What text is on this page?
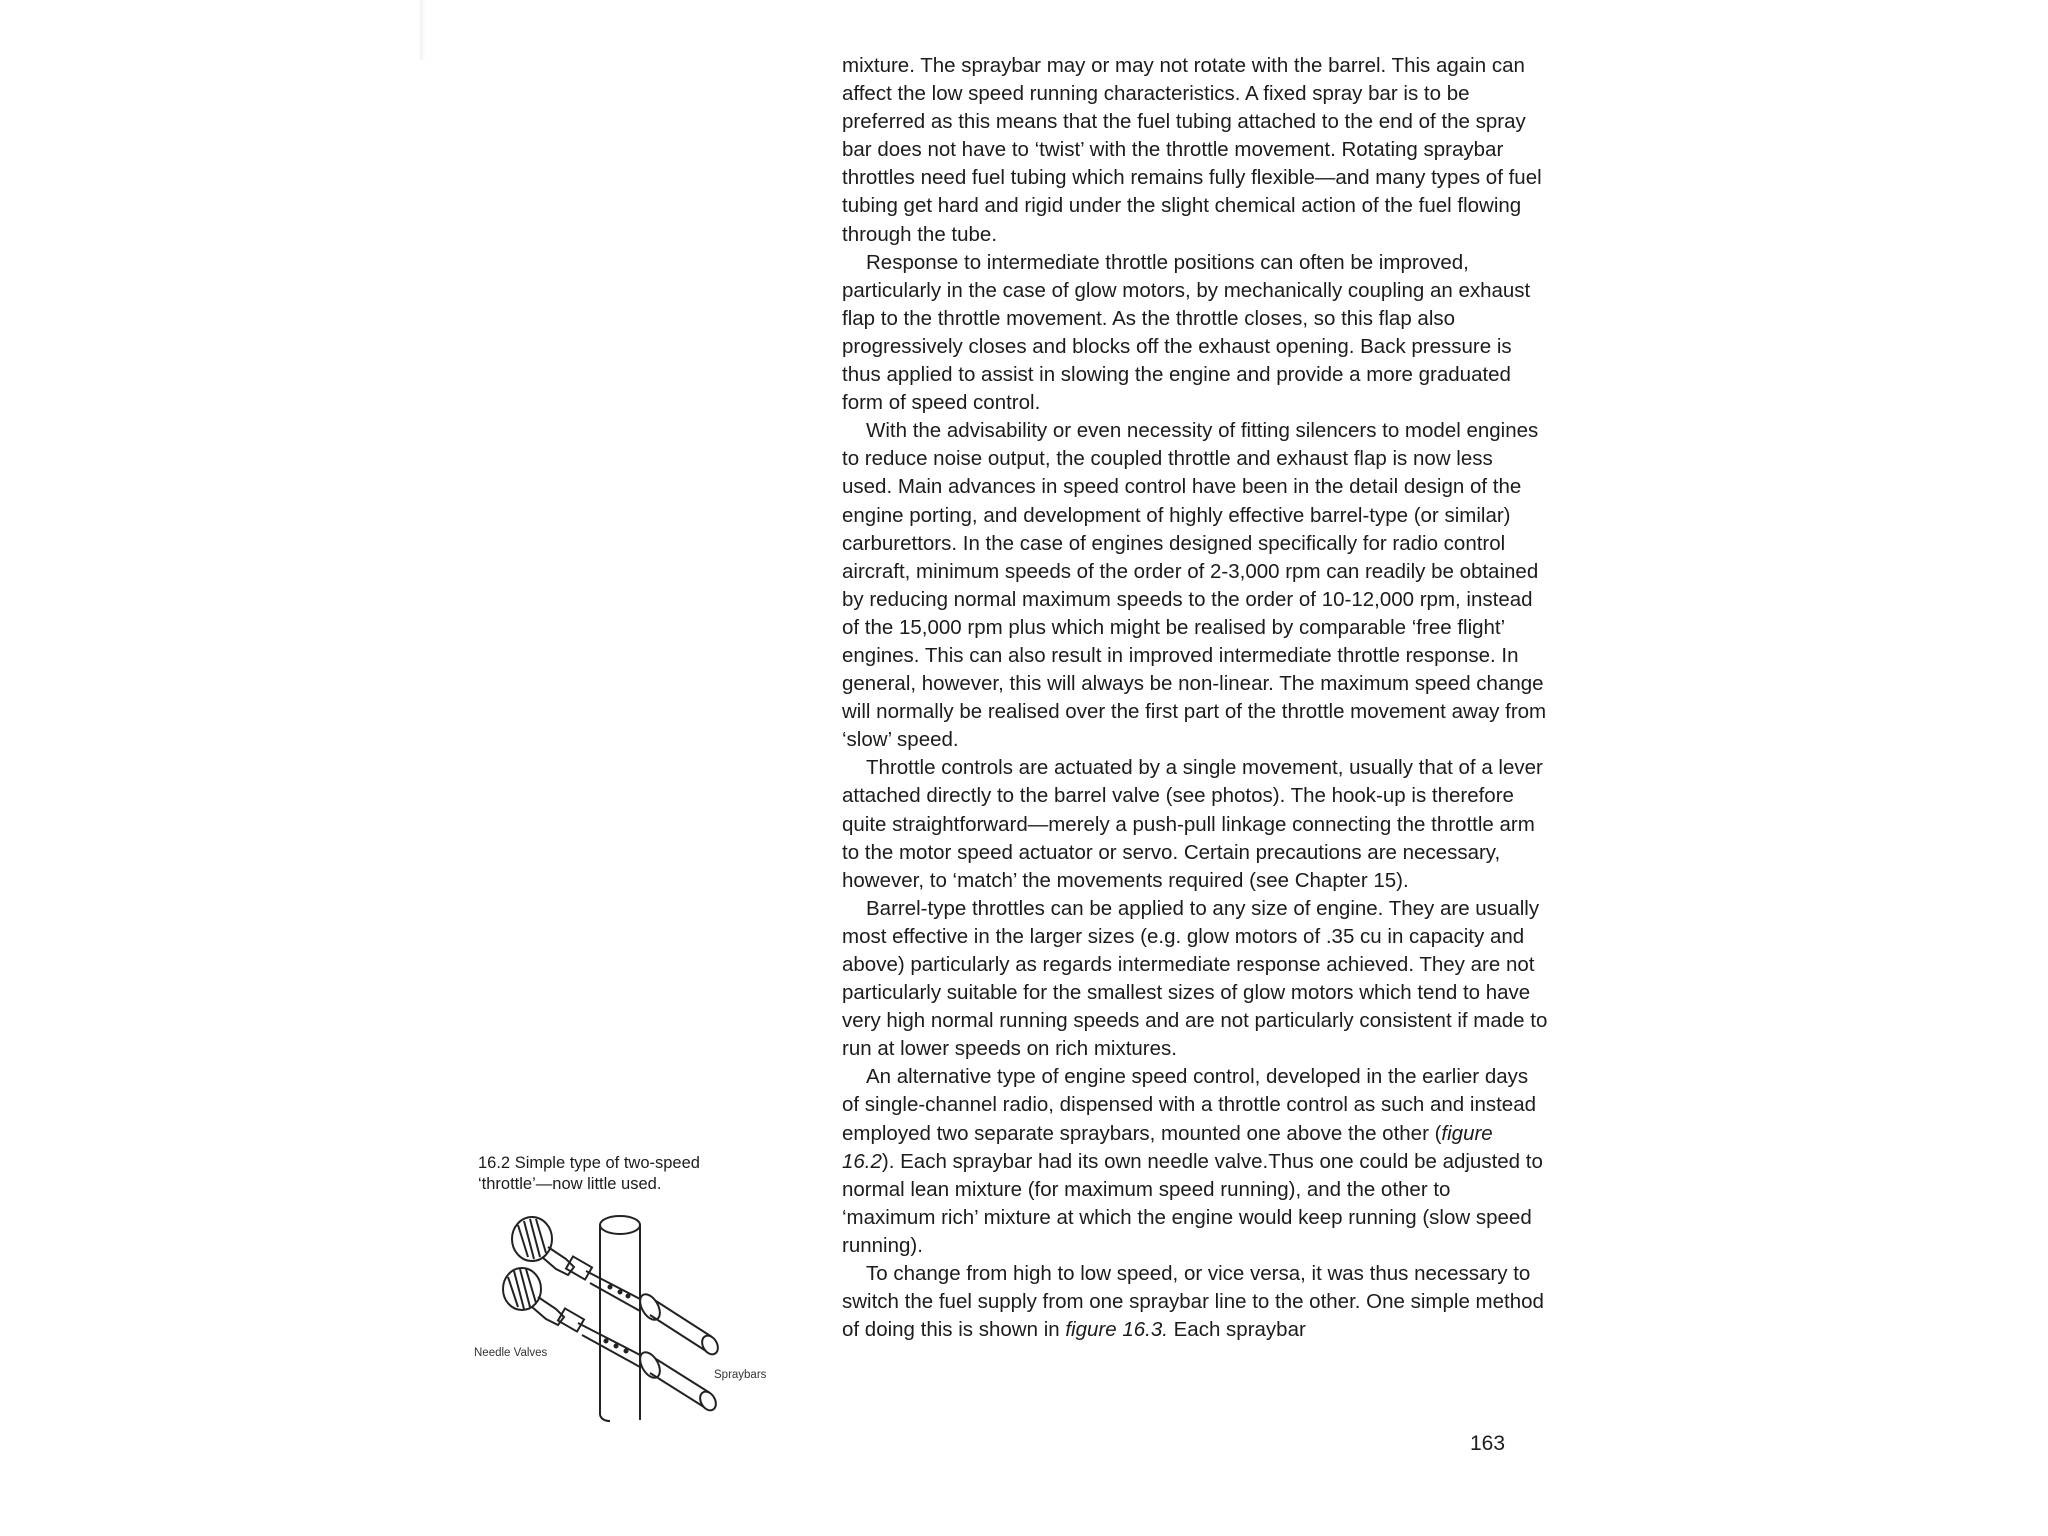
mixture. The spraybar may or may not rotate with the barrel. This again can affect the low speed running characteristics. A fixed spray bar is to be preferred as this means that the fuel tubing attached to the end of the spray bar does not have to ‘twist’ with the throttle movement. Rotating spraybar throttles need fuel tubing which remains fully flexible—and many types of fuel tubing get hard and rigid under the slight chemical action of the fuel flowing through the tube.

Response to intermediate throttle positions can often be improved, particularly in the case of glow motors, by mechanically coupling an exhaust flap to the throttle movement. As the throttle closes, so this flap also progressively closes and blocks off the exhaust opening. Back pressure is thus applied to assist in slowing the engine and provide a more graduated form of speed control.

With the advisability or even necessity of fitting silencers to model engines to reduce noise output, the coupled throttle and exhaust flap is now less used. Main advances in speed control have been in the detail design of the engine porting, and development of highly effective barrel-type (or similar) carburettors. In the case of engines designed specifically for radio control aircraft, minimum speeds of the order of 2-3,000 rpm can readily be obtained by reducing normal maximum speeds to the order of 10-12,000 rpm, instead of the 15,000 rpm plus which might be realised by comparable ‘free flight’ engines. This can also result in improved intermediate throttle response. In general, however, this will always be non-linear. The maximum speed change will normally be realised over the first part of the throttle movement away from ‘slow’ speed.

Throttle controls are actuated by a single movement, usually that of a lever attached directly to the barrel valve (see photos). The hook-up is therefore quite straightforward—merely a push-pull linkage connecting the throttle arm to the motor speed actuator or servo. Certain precautions are necessary, however, to ‘match’ the movements required (see Chapter 15).

Barrel-type throttles can be applied to any size of engine. They are usually most effective in the larger sizes (e.g. glow motors of .35 cu in capacity and above) particularly as regards intermediate response achieved. They are not particularly suitable for the smallest sizes of glow motors which tend to have very high normal running speeds and are not particularly consistent if made to run at lower speeds on rich mixtures.

An alternative type of engine speed control, developed in the earlier days of single-channel radio, dispensed with a throttle control as such and instead employed two separate spraybars, mounted one above the other (figure 16.2). Each spraybar had its own needle valve.Thus one could be adjusted to normal lean mixture (for maximum speed running), and the other to ‘maximum rich’ mixture at which the engine would keep running (slow speed running).

To change from high to low speed, or vice versa, it was thus necessary to switch the fuel supply from one spraybar line to the other. One simple method of doing this is shown in figure 16.3. Each spraybar

16.2 Simple type of two-speed
‘throttle’—now little used.
Needle Valves
Spraybars
163
